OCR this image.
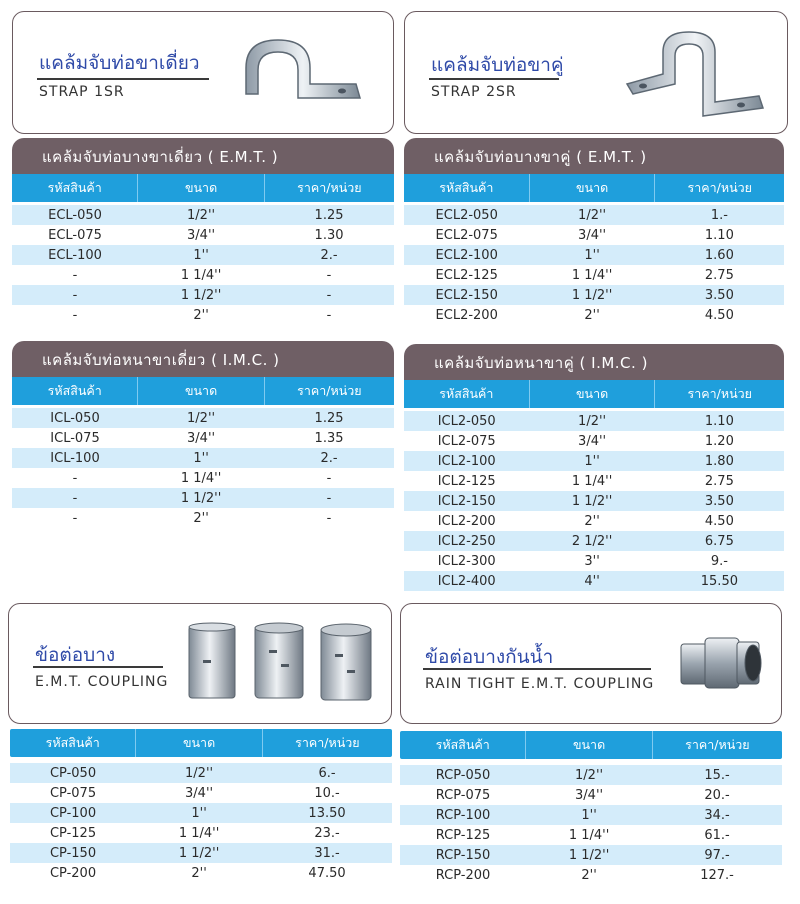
แคล้มจับท่อขาเดี่ยว
STRAP 1SR
แคล้มจับท่อขาคู่
STRAP 2SR
แคล้มจับท่อบางขาเดี่ยว ( E.M.T. )
รหัสสินค้า	ขนาด	ราคา/หน่วย
ECL-050	1/2''	1.25
ECL-075	3/4''	1.30
ECL-100	1''	2.-
-	1 1/4''	-
-	1 1/2''	-
-	2''	-
แคล้มจับท่อบางขาคู่ ( E.M.T. )
รหัสสินค้า	ขนาด	ราคา/หน่วย
ECL2-050	1/2''	1.-
ECL2-075	3/4''	1.10
ECL2-100	1''	1.60
ECL2-125	1 1/4''	2.75
ECL2-150	1 1/2''	3.50
ECL2-200	2''	4.50
แคล้มจับท่อหนาขาเดี่ยว ( I.M.C. )
รหัสสินค้า	ขนาด	ราคา/หน่วย
ICL-050	1/2''	1.25
ICL-075	3/4''	1.35
ICL-100	1''	2.-
-	1 1/4''	-
-	1 1/2''	-
-	2''	-
แคล้มจับท่อหนาขาคู่ ( I.M.C. )
รหัสสินค้า	ขนาด	ราคา/หน่วย
ICL2-050	1/2''	1.10
ICL2-075	3/4''	1.20
ICL2-100	1''	1.80
ICL2-125	1 1/4''	2.75
ICL2-150	1 1/2''	3.50
ICL2-200	2''	4.50
ICL2-250	2 1/2''	6.75
ICL2-300	3''	9.-
ICL2-400	4''	15.50
ข้อต่อบาง
E.M.T. COUPLING
ข้อต่อบางกันน้ำ
RAIN TIGHT E.M.T. COUPLING
รหัสสินค้า	ขนาด	ราคา/หน่วย
CP-050	1/2''	6.-
CP-075	3/4''	10.-
CP-100	1''	13.50
CP-125	1 1/4''	23.-
CP-150	1 1/2''	31.-
CP-200	2''	47.50
รหัสสินค้า	ขนาด	ราคา/หน่วย
RCP-050	1/2''	15.-
RCP-075	3/4''	20.-
RCP-100	1''	34.-
RCP-125	1 1/4''	61.-
RCP-150	1 1/2''	97.-
RCP-200	2''	127.-
